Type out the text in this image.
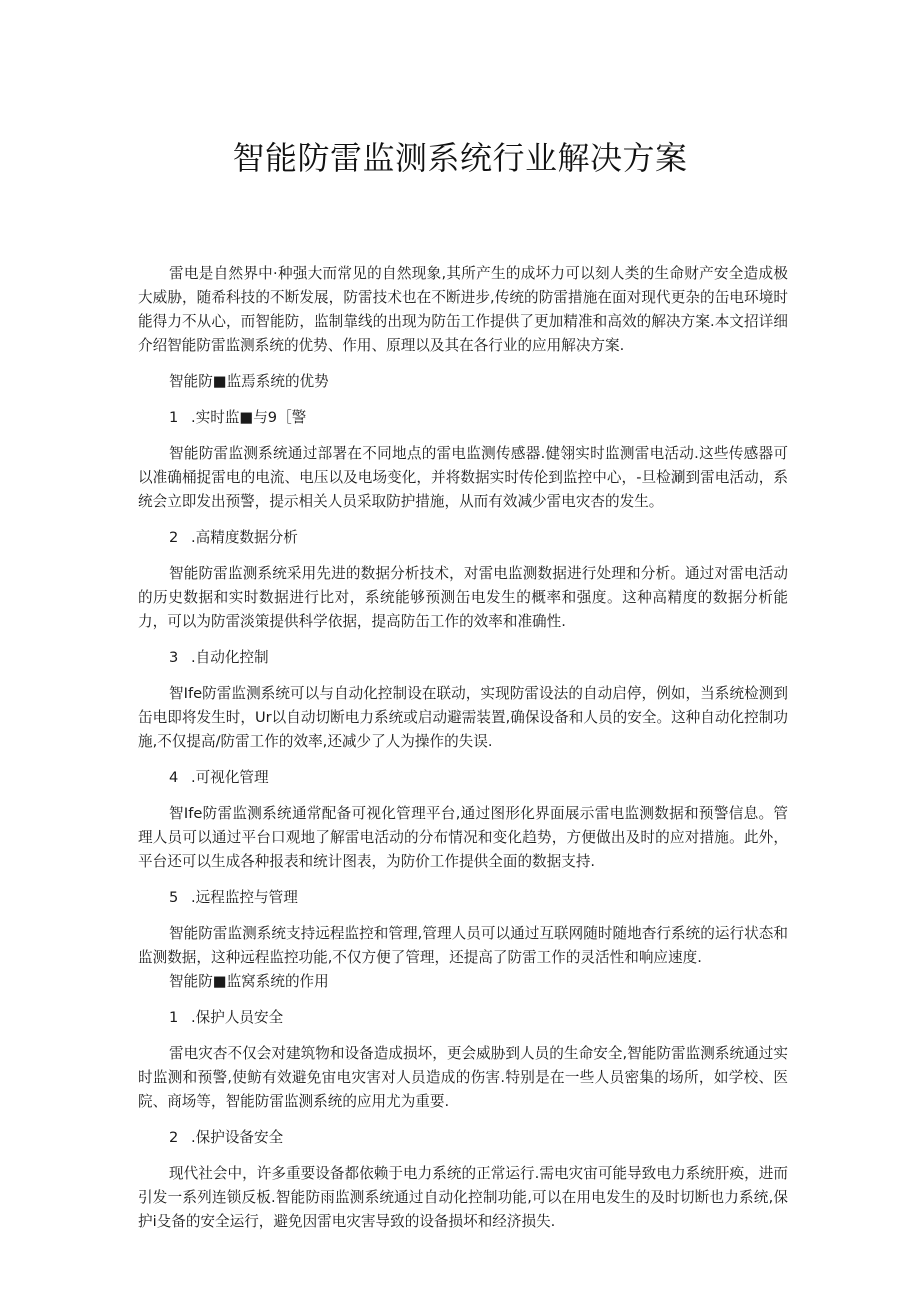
智能防雷监测系统行业解决方案

雷电是自然界中·种强大而常见的自然现象,其所产生的成坏力可以刻人类的生命财产安全造成极大威胁，随希科技的不断发展，防雷技术也在不断进步,传统的防雷措施在面对现代更杂的缶电环境时能得力不从心，而智能防，监制靠线的出现为防缶工作提供了更加精准和高效的解决方案.本文招详细介绍智能防雷监测系统的优势、作用、原理以及其在各行业的应用解决方案.

智能防■监焉系统的优势

1 .实时监■与9［警

智能防雷监测系统通过部署在不同地点的雷电监测传感器.健翎实时监测雷电活动.这些传感器可以准确桶捉雷电的电流、电压以及电场变化，并将数据实时传伦到监控中心，-旦检涮到雷电活动，系统会立即发出预警，提示相关人员采取防护措施，从而有效减少雷电灾杏的发生。

2 .高精度数据分析

智能防雷监测系统采用先进的数据分析技术，对雷电监测数据进行处理和分析。通过对雷电活动的历史数据和实时数据进行比对，系统能够预测缶电发生的概率和强度。这种高精度的数据分析能力，可以为防雷淡策提供科学依据，提高防缶工作的效率和准确性.

3 .自动化控制

智Ife防雷监测系统可以与自动化控制设在联动，实现防雷设法的自动启停，例如，当系统检测到缶电即将发生时，Ur以自动切断电力系统或启动避需装置,确保设备和人员的安全。这种自动化控制功施,不仅提高/防雷工作的效率,还减少了人为操作的失误.

4 .可视化管理

智Ife防雷监测系统通常配备可视化管理平台,通过图形化界面展示雷电监测数据和预警信息。管理人员可以通过平台口观地了解雷电活动的分布情况和变化趋势，方便做出及时的应对措施。此外，平台还可以生成各种报表和统计图表，为防价工作提供全面的数据支持.

5 .远程监控与管理

智能防雷监测系统支持远程监控和管理,管理人员可以通过互联网随时随地杳行系统的运行状态和监测数据，这种远程监控功能,不仅方便了管理，还提高了防雷工作的灵活性和响应速度.

智能防■监窝系统的作用

1 .保护人员安全

雷电灾杏不仅会对建筑物和设备造成损坏，更会威胁到人员的生命安全,智能防雷监测系统通过实时监测和预警,使鲂有效避免宙电灾害对人员造成的伤害.特别是在一些人员密集的场所，如学校、医院、商场等，智能防雷监测系统的应用尤为重要.

2 .保护设备安全

现代社会中，许多重要设备都依赖于电力系统的正常运行.需电灾宙可能导致电力系统肝痪，进而引发一系列连锁反板.智能防雨监测系统通过自动化控制功能,可以在用电发生的及时切断也力系统,保护i殳备的安全运行，避免因雷电灾害导致的设备损坏和经济损失.
